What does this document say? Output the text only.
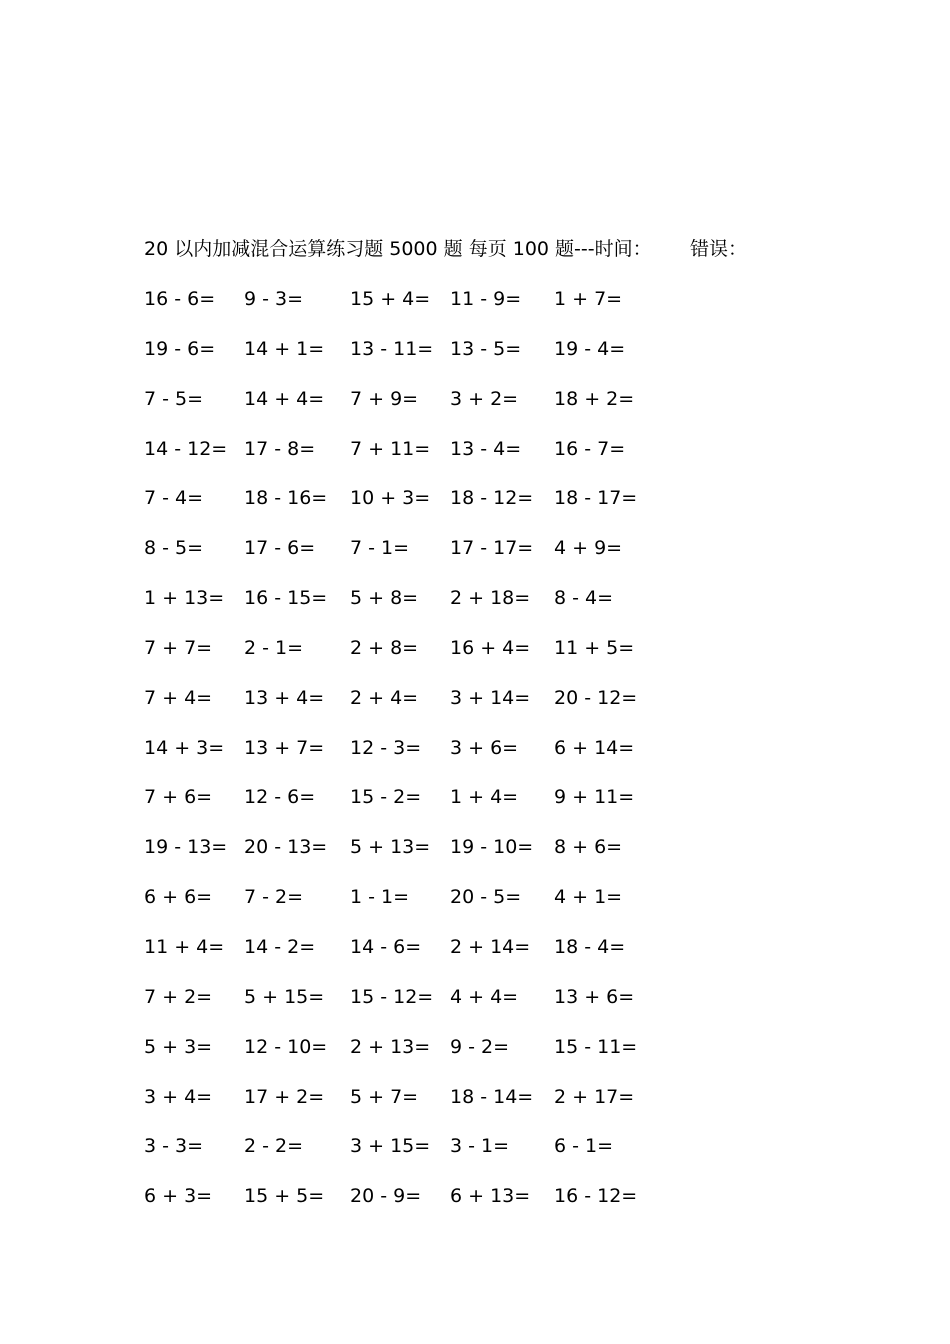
20 以内加减混合运算练习题 5000 题 每页 100 题---时间： 错误：
16 - 6= 9 - 3= 15 + 4= 11 - 9= 1 + 7=
19 - 6= 14 + 1= 13 - 11= 13 - 5= 19 - 4=
7 - 5= 14 + 4= 7 + 9= 3 + 2= 18 + 2=
14 - 12= 17 - 8= 7 + 11= 13 - 4= 16 - 7=
7 - 4= 18 - 16= 10 + 3= 18 - 12= 18 - 17=
8 - 5= 17 - 6= 7 - 1= 17 - 17= 4 + 9=
1 + 13= 16 - 15= 5 + 8= 2 + 18= 8 - 4=
7 + 7= 2 - 1= 2 + 8= 16 + 4= 11 + 5=
7 + 4= 13 + 4= 2 + 4= 3 + 14= 20 - 12=
14 + 3= 13 + 7= 12 - 3= 3 + 6= 6 + 14=
7 + 6= 12 - 6= 15 - 2= 1 + 4= 9 + 11=
19 - 13= 20 - 13= 5 + 13= 19 - 10= 8 + 6=
6 + 6= 7 - 2= 1 - 1= 20 - 5= 4 + 1=
11 + 4= 14 - 2= 14 - 6= 2 + 14= 18 - 4=
7 + 2= 5 + 15= 15 - 12= 4 + 4= 13 + 6=
5 + 3= 12 - 10= 2 + 13= 9 - 2= 15 - 11=
3 + 4= 17 + 2= 5 + 7= 18 - 14= 2 + 17=
3 - 3= 2 - 2= 3 + 15= 3 - 1= 6 - 1=
6 + 3= 15 + 5= 20 - 9= 6 + 13= 16 - 12=
